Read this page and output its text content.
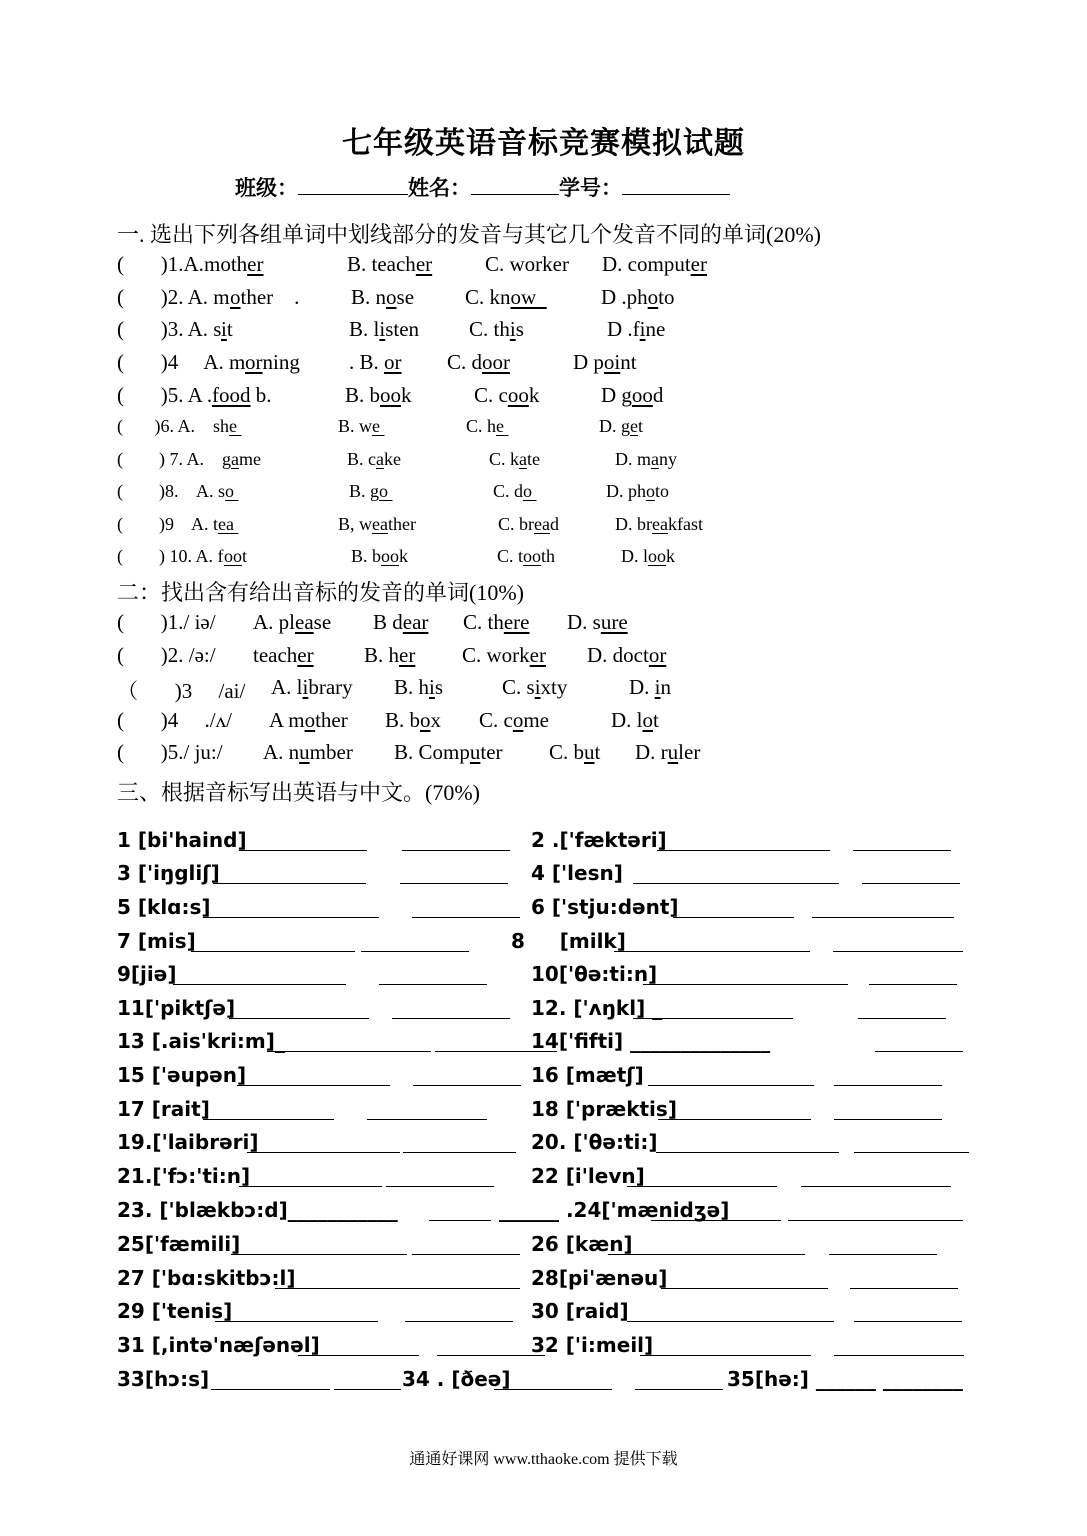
七年级英语音标竞赛模拟试题
班级：	姓名：	学号：
一. 选出下列各组单词中划线部分的发音与其它几个发音不同的单词(20%)
(       )1.A. mother	B. teacher	C. worker D. computer
(       )2. A. m other    . B. nose C. know	D .photo
(       )3. A. s it	B. listen C. this	D .fine
(       )4     A. m orning . B. or C. door	D point
(       )5. A . food b.	B. book	C. cook	D good
(       )6. A. she	B. we	C. he	D. get
(        ) 7. A. game	B. cake	C. kate	D. many
(        )8. A. so	B. go	C. do	D. photo
(        )9 A. tea	B, weather	C. bread	D. breakfast
(        ) 10. A. f oot	B. book	C. tooth	D. look
二：找出含有给出音标的发音的单词(10%)
(       )1./ iə/ A. please B dear C. there D. sure
(       )2. /ə:/ teacher B. her C. worker D. doctor
（       )3     /ai/ A. library B. his	C. sixty	D. in
(       )4     ./ʌ/ A mother B. box C. come	D. lot
(       )5./ ju:/ A. number B. Computer C. but D. ruler
三、根据音标写出英语与中文。(70%)
1 [bi'haind]	2 .['fæktəri]
3 ['iŋgliʃ]	4 ['lesn]
5 [klɑ:s]	6 ['stju:dənt]
7 [mis]	8     [milk]
9[jiə]	10['θə:ti:n]
11['piktʃə]	12. ['ʌŋkl] _
13 [.ais'kri:m]_	14['fifti] ______________
15 ['əupən]	16 [mætʃ]
17 [rait]	18 ['præktis]
19.['laibrəri]	20. ['θə:ti:]
21.['fɔ:'ti:n]	22 [i'levn]
23. ['blækbɔ:d]___________	______ .24['mænidʒə]
25['fæmili]	26 [kæn]
27 ['bɑ:skitbɔ:l]	28[pi'ænəu]
29 ['tenis]	30 [raid]
31 [,intə'næʃənəl]	32 ['i:meil]
33[hɔ:s]	34 . [ðeə]	35[hə:] ______ ________
通通好课网 www.tthaoke.com 提供下载
